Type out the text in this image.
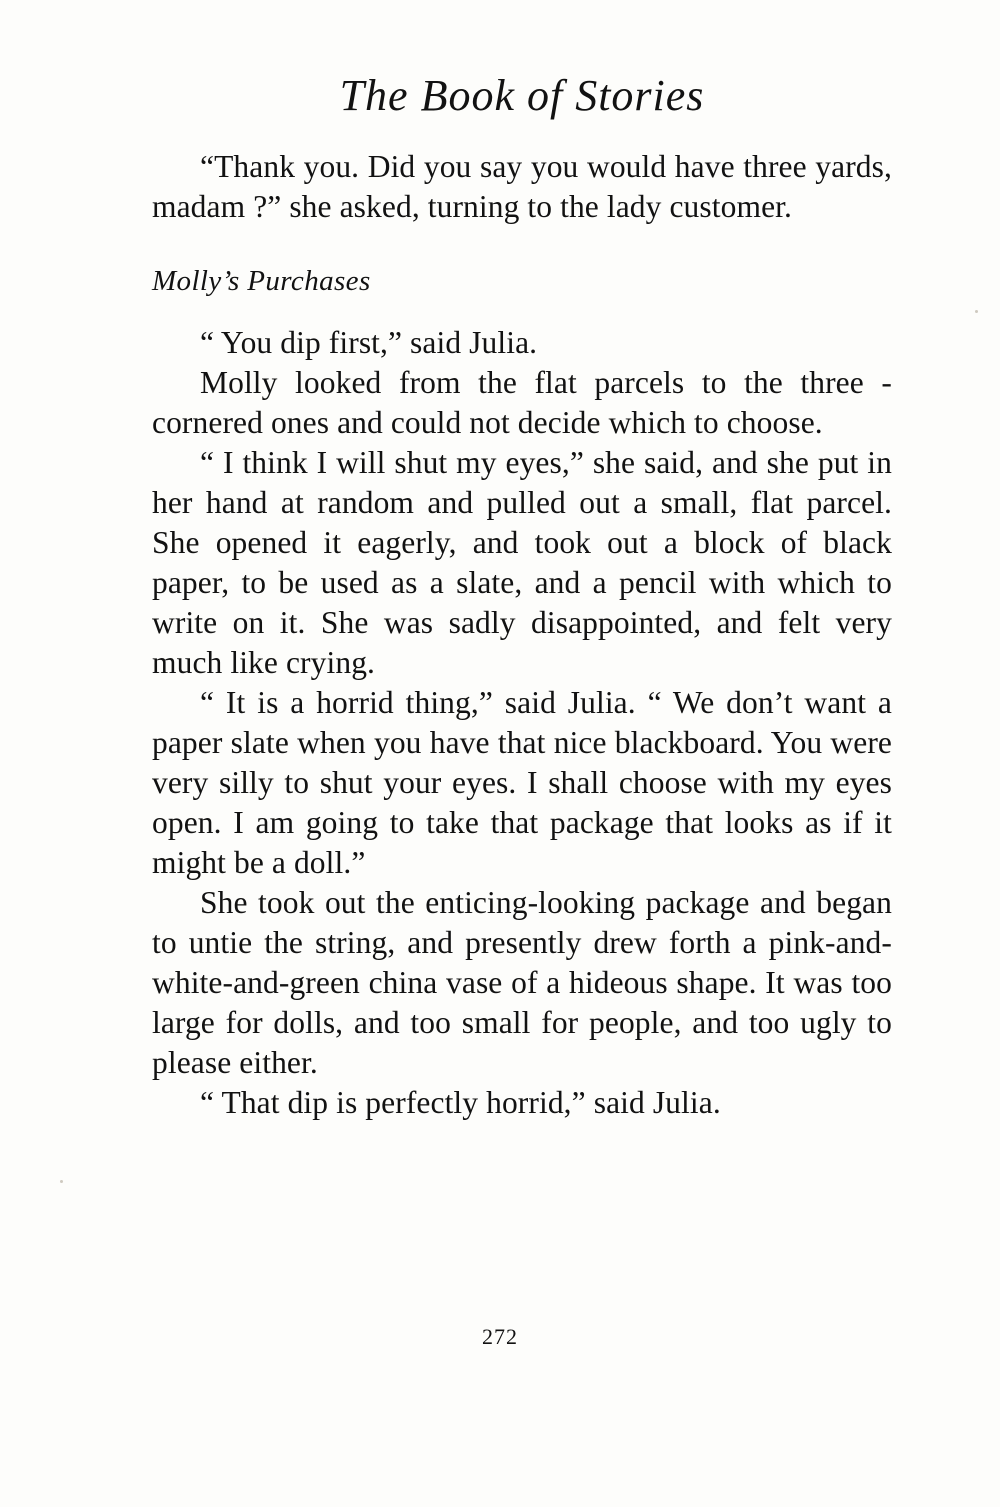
The Book of Stories

“Thank you. Did you say you would have three yards, madam ?” she asked, turning to the lady customer.

Molly’s Purchases

“ You dip first,” said Julia.

Molly looked from the flat parcels to the three - cornered ones and could not decide which to choose.

“ I think I will shut my eyes,” she said, and she put in her hand at random and pulled out a small, flat parcel. She opened it eagerly, and took out a block of black paper, to be used as a slate, and a pencil with which to write on it. She was sadly disappointed, and felt very much like crying.

“ It is a horrid thing,” said Julia. “ We don’t want a paper slate when you have that nice blackboard. You were very silly to shut your eyes. I shall choose with my eyes open. I am going to take that package that looks as if it might be a doll.”

She took out the enticing-looking package and began to untie the string, and presently drew forth a pink-and-white-and-green china vase of a hideous shape. It was too large for dolls, and too small for people, and too ugly to please either.

“ That dip is perfectly horrid,” said Julia.

272
